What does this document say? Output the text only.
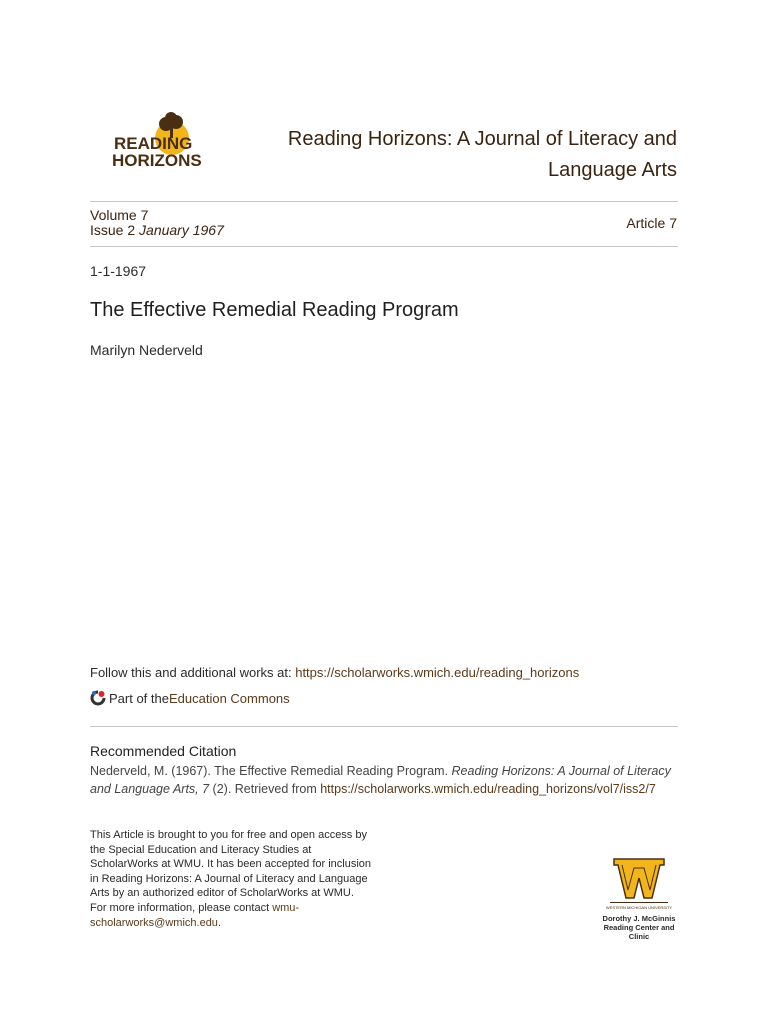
READING
HORIZONS
Reading Horizons: A Journal of Literacy and
Language Arts
Volume 7
Issue 2 January 1967	Article 7
1-1-1967
The Effective Remedial Reading Program
Marilyn Nederveld
Follow this and additional works at: https://scholarworks.wmich.edu/reading_horizons
Part of the Education Commons
Recommended Citation
Nederveld, M. (1967). The Effective Remedial Reading Program. Reading Horizons: A Journal of Literacy and Language Arts, 7 (2). Retrieved from https://scholarworks.wmich.edu/reading_horizons/vol7/iss2/7
This Article is brought to you for free and open access by
the Special Education and Literacy Studies at
ScholarWorks at WMU. It has been accepted for inclusion
in Reading Horizons: A Journal of Literacy and Language
Arts by an authorized editor of ScholarWorks at WMU.
For more information, please contact wmu-
scholarworks@wmich.edu.
WESTERN MICHIGAN UNIVERSITY
Dorothy J. McGinnis
Reading Center and Clinic
